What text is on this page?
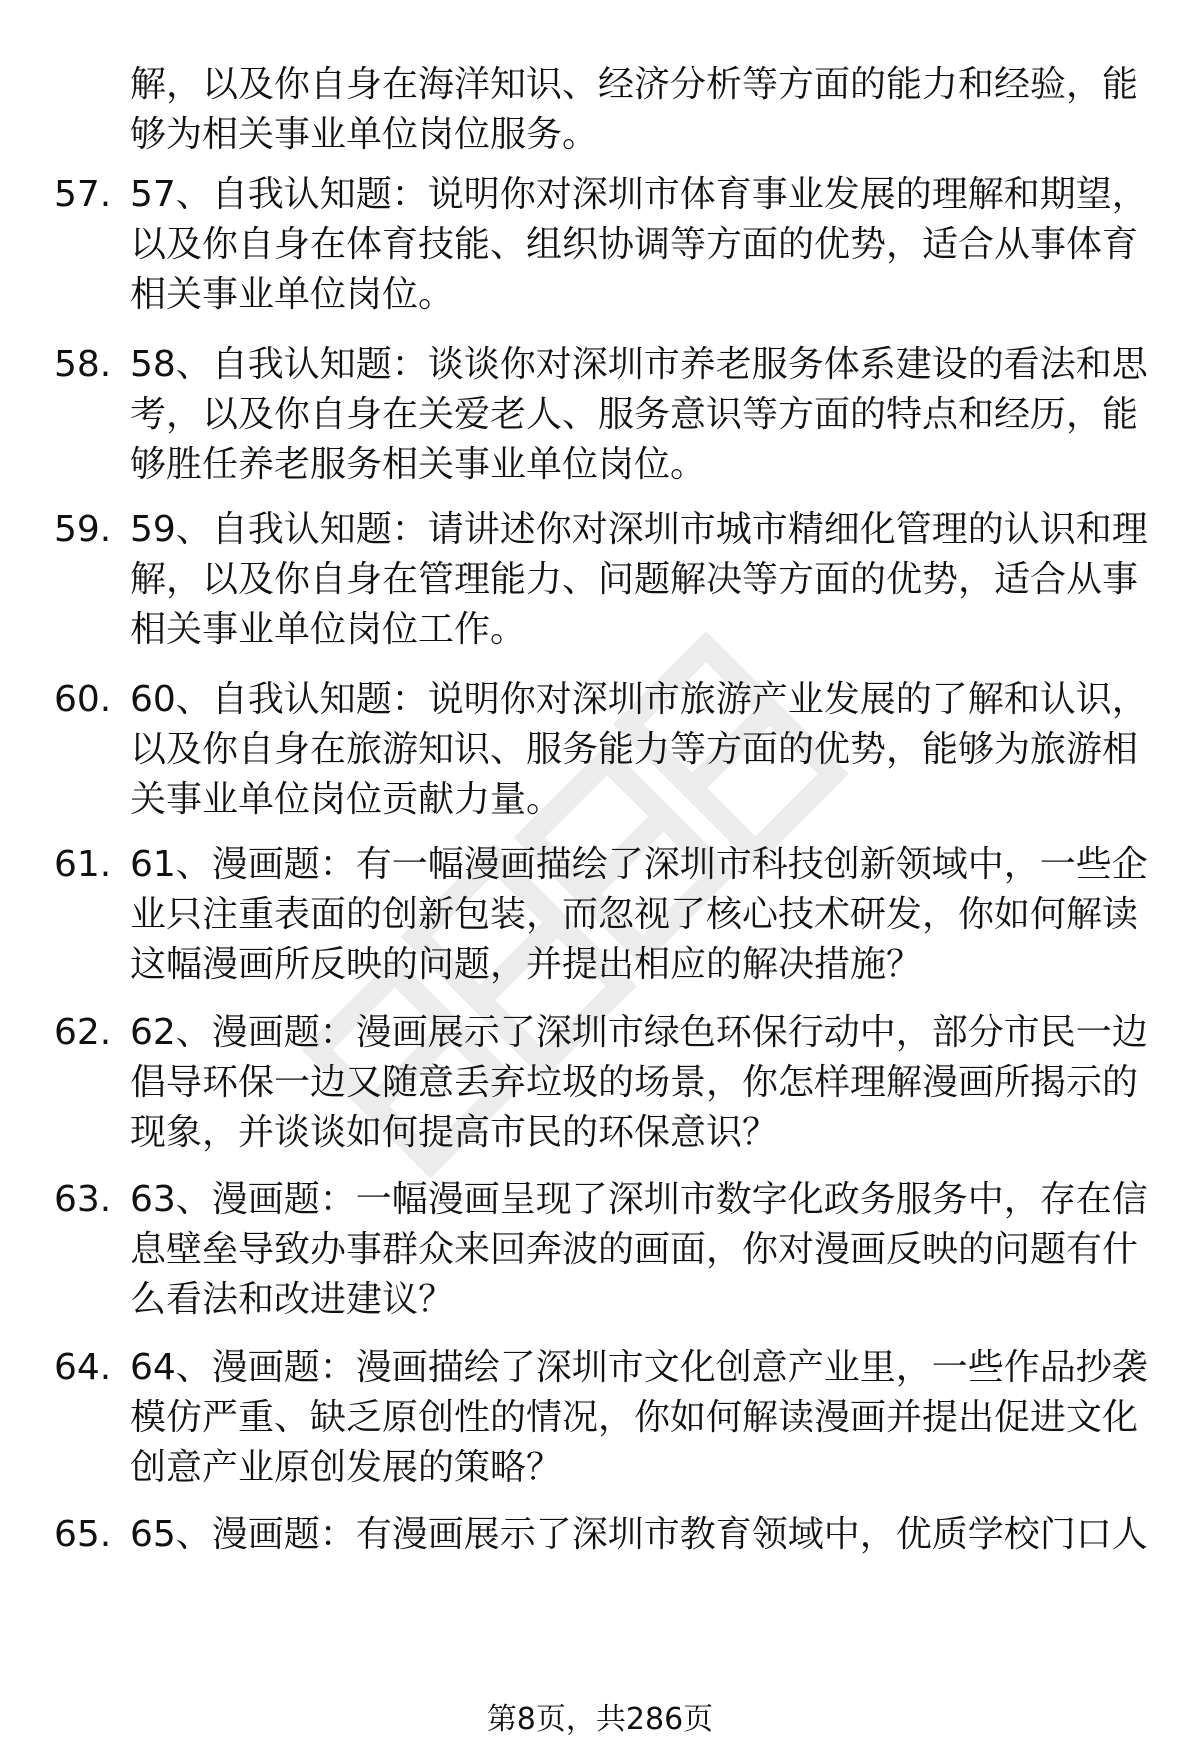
解，以及你自身在海洋知识、经济分析等方面的能力和经验，能
够为相关事业单位岗位服务。
57. 57、自我认知题：说明你对深圳市体育事业发展的理解和期望，
以及你自身在体育技能、组织协调等方面的优势，适合从事体育
相关事业单位岗位。
58. 58、自我认知题：谈谈你对深圳市养老服务体系建设的看法和思
考，以及你自身在关爱老人、服务意识等方面的特点和经历，能
够胜任养老服务相关事业单位岗位。
59. 59、自我认知题：请讲述你对深圳市城市精细化管理的认识和理
解，以及你自身在管理能力、问题解决等方面的优势，适合从事
相关事业单位岗位工作。
60. 60、自我认知题：说明你对深圳市旅游产业发展的了解和认识，
以及你自身在旅游知识、服务能力等方面的优势，能够为旅游相
关事业单位岗位贡献力量。
61. 61、漫画题：有一幅漫画描绘了深圳市科技创新领域中，一些企
业只注重表面的创新包装，而忽视了核心技术研发，你如何解读
这幅漫画所反映的问题，并提出相应的解决措施？
62. 62、漫画题：漫画展示了深圳市绿色环保行动中，部分市民一边
倡导环保一边又随意丢弃垃圾的场景，你怎样理解漫画所揭示的
现象，并谈谈如何提高市民的环保意识？
63. 63、漫画题：一幅漫画呈现了深圳市数字化政务服务中，存在信
息壁垒导致办事群众来回奔波的画面，你对漫画反映的问题有什
么看法和改进建议？
64. 64、漫画题：漫画描绘了深圳市文化创意产业里，一些作品抄袭
模仿严重、缺乏原创性的情况，你如何解读漫画并提出促进文化
创意产业原创发展的策略？
65. 65、漫画题：有漫画展示了深圳市教育领域中，优质学校门口人
第8页，共286页
